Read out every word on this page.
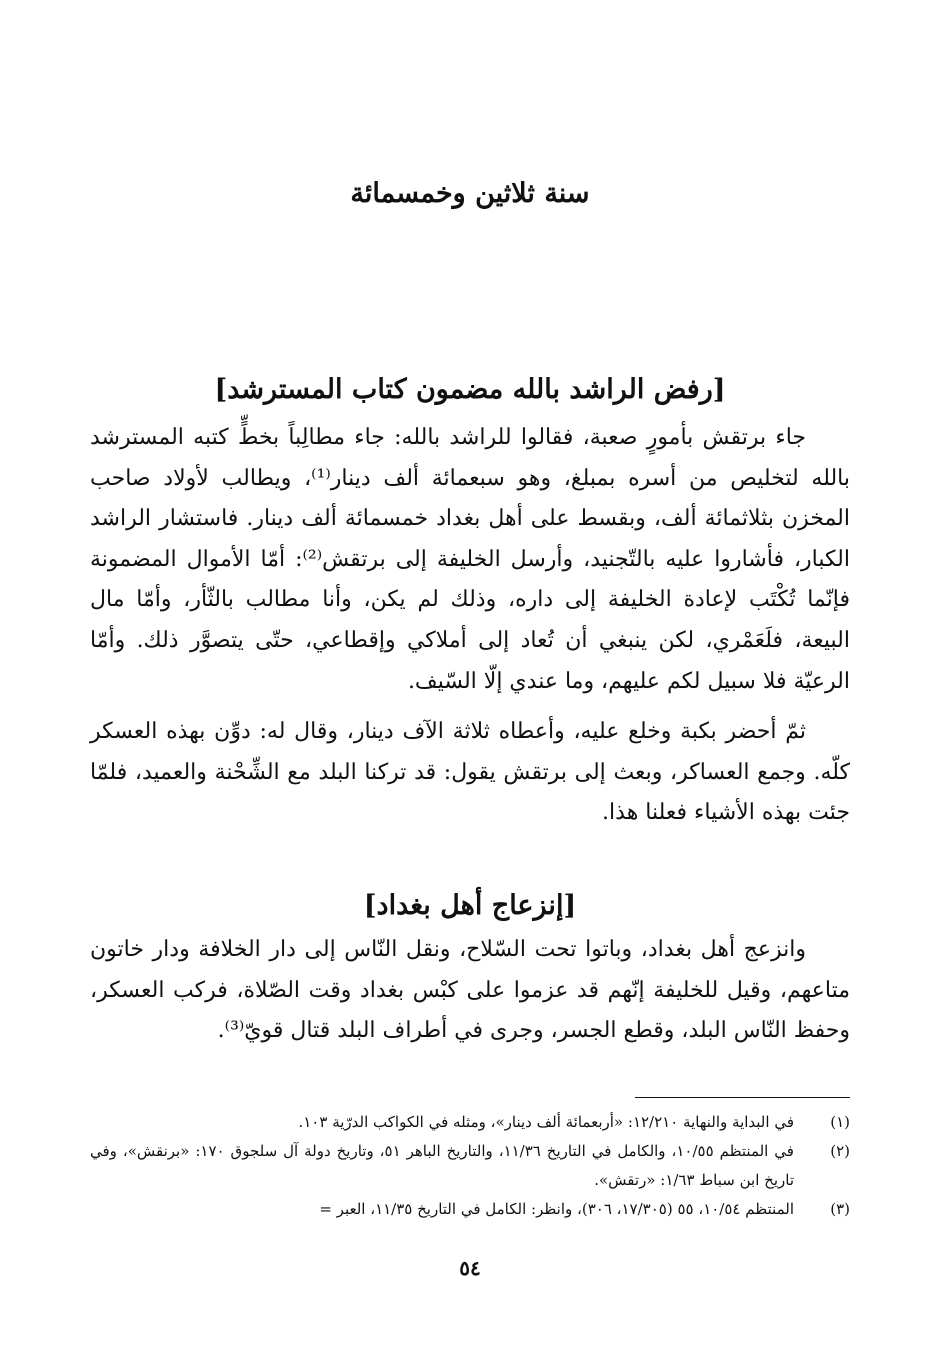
سنة ثلاثين وخمسمائة
[رفض الراشد بالله مضمون كتاب المسترشد]

جاء برتقش بأمورٍ صعبة، فقالوا للراشد بالله: جاء مطالِباً بخطٍّ كتبه المسترشد بالله لتخليص من أسره بمبلغ، وهو سبعمائة ألف دينار⁽¹⁾، ويطالب لأولاد صاحب المخزن بثلاثمائة ألف، وبقسط على أهل بغداد خمسمائة ألف دينار. فاستشار الراشد الكبار، فأشاروا عليه بالتّجنيد، وأرسل الخليفة إلى برتقش⁽²⁾: أمّا الأموال المضمونة فإنّما تُكْتَب لإعادة الخليفة إلى داره، وذلك لم يكن، وأنا مطالب بالثّأر، وأمّا مال البيعة، فلَعَمْري، لكن ينبغي أن تُعاد إلى أملاكي وإقطاعي، حتّى يتصوَّر ذلك. وأمّا الرعيّة فلا سبيل لكم عليهم، وما عندي إلّا السّيف.

ثمّ أحضر بكبة وخلع عليه، وأعطاه ثلاثة الآف دينار، وقال له: دوِّن بهذه العسكر كلّه. وجمع العساكر، وبعث إلى برتقش يقول: قد تركنا البلد مع الشِّحْنة والعميد، فلمّا جئت بهذه الأشياء فعلنا هذا.

[إنزعاج أهل بغداد]

وانزعج أهل بغداد، وباتوا تحت السّلاح، ونقل النّاس إلى دار الخلافة ودار خاتون متاعهم، وقيل للخليفة إنّهم قد عزموا على كبْس بغداد وقت الصّلاة، فركب العسكر، وحفظ النّاس البلد، وقطع الجسر، وجرى في أطراف البلد قتال قويّ⁽³⁾.

(١)
في البداية والنهاية ١٢/٢١٠: «أربعمائة ألف دينار»، ومثله في الكواكب الدرّية ١٠٣.
(٢)
في المنتظم ١٠/٥٥، والكامل في التاريخ ١١/٣٦، والتاريخ الباهر ٥١، وتاريخ دولة آل سلجوق ١٧٠: «برنقش»، وفي تاريخ ابن سباط ١/٦٣: «رتقش».
(٣)
المنتظم ١٠/٥٤، ٥٥ (١٧/٣٠٥، ٣٠٦)، وانظر: الكامل في التاريخ ١١/٣٥، العبر =
٥٤
